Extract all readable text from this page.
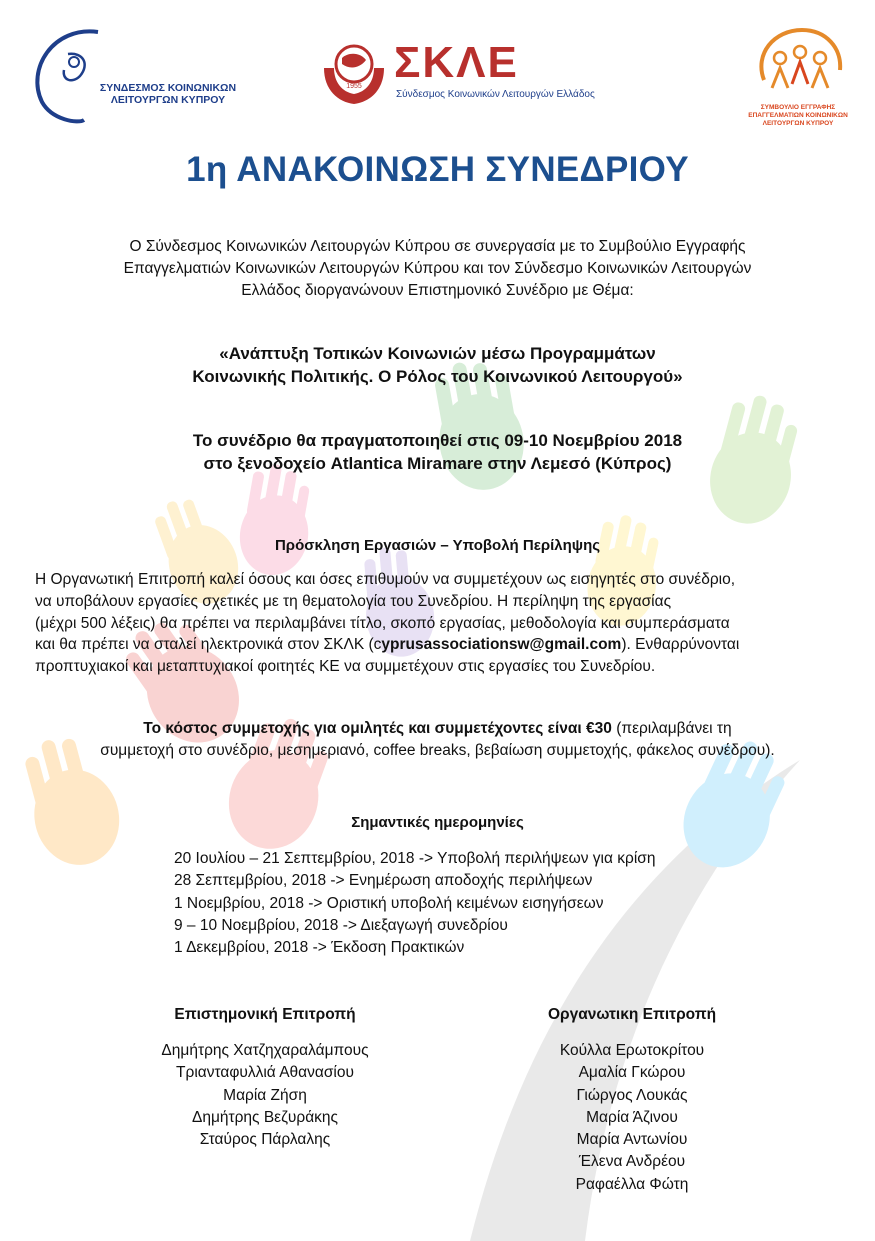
ΣΥΝΔΕΣΜΟΣ ΚΟΙΝΩΝΙΚΩΝ
ΛΕΙΤΟΥΡΓΩΝ ΚΥΠΡΟΥ
1955 ΣΚΛΕ
Σύνδεσμος Κοινωνικών Λειτουργών Ελλάδος
ΣΥΜΒΟΥΛΙΟ ΕΓΓΡΑΦΗΣ
ΕΠΑΓΓΕΛΜΑΤΙΩΝ ΚΟΙΝΩΝΙΚΩΝ
ΛΕΙΤΟΥΡΓΩΝ ΚΥΠΡΟΥ
1η ΑΝΑΚΟΙΝΩΣΗ ΣΥΝΕΔΡΙΟΥ
Ο Σύνδεσμος Κοινωνικών Λειτουργών Κύπρου σε συνεργασία με το Συμβούλιο Εγγραφής
Επαγγελματιών Κοινωνικών Λειτουργών Κύπρου και τον Σύνδεσμο Κοινωνικών Λειτουργών
Ελλάδος διοργανώνουν Επιστημονικό Συνέδριο με Θέμα:
«Ανάπτυξη Τοπικών Κοινωνιών μέσω Προγραμμάτων
Κοινωνικής Πολιτικής. Ο Ρόλος του Κοινωνικού Λειτουργού»
Το συνέδριο θα πραγματοποιηθεί στις 09-10 Νοεμβρίου 2018
στο ξενοδοχείο Atlantica Miramare στην Λεμεσό (Κύπρος)
Πρόσκληση Εργασιών – Υποβολή Περίληψης
Η Οργανωτική Επιτροπή καλεί όσους και όσες επιθυμούν να συμμετέχουν ως εισηγητές στο συνέδριο,
να υποβάλουν εργασίες σχετικές με τη θεματολογία του Συνεδρίου. Η περίληψη της εργασίας
(μέχρι 500 λέξεις) θα πρέπει να περιλαμβάνει τίτλο, σκοπό εργασίας, μεθοδολογία και συμπεράσματα
και θα πρέπει να σταλεί ηλεκτρονικά στον ΣΚΛΚ (cyprusassociationsw@gmail.com). Ενθαρρύνονται
προπτυχιακοί και μεταπτυχιακοί φοιτητές ΚΕ να συμμετέχουν στις εργασίες του Συνεδρίου.
Το κόστος συμμετοχής για ομιλητές και συμμετέχοντες είναι €30 (περιλαμβάνει τη
συμμετοχή στο συνέδριο, μεσημεριανό, coffee breaks, βεβαίωση συμμετοχής, φάκελος συνέδρου).
Σημαντικές ημερομηνίες
20 Ιουλίου – 21 Σεπτεμβρίου, 2018 -> Υποβολή περιλήψεων για κρίση
28 Σεπτεμβρίου, 2018 -> Ενημέρωση αποδοχής περιλήψεων
1 Νοεμβρίου, 2018 -> Οριστική υποβολή κειμένων εισηγήσεων
9 – 10 Νοεμβρίου, 2018 -> Διεξαγωγή συνεδρίου
1 Δεκεμβρίου, 2018 -> Έκδοση Πρακτικών
Επιστημονική Επιτροπή
Δημήτρης Χατζηχαραλάμπους
Τριανταφυλλιά Αθανασίου
Μαρία Ζήση
Δημήτρης Βεζυράκης
Σταύρος Πάρλαλης
Οργανωτικη Επιτροπή
Κούλλα Ερωτοκρίτου
Αμαλία Γκώρου
Γιώργος Λουκάς
Μαρία Άζινου
Μαρία Αντωνίου
Έλενα Ανδρέου
Ραφαέλλα Φώτη
